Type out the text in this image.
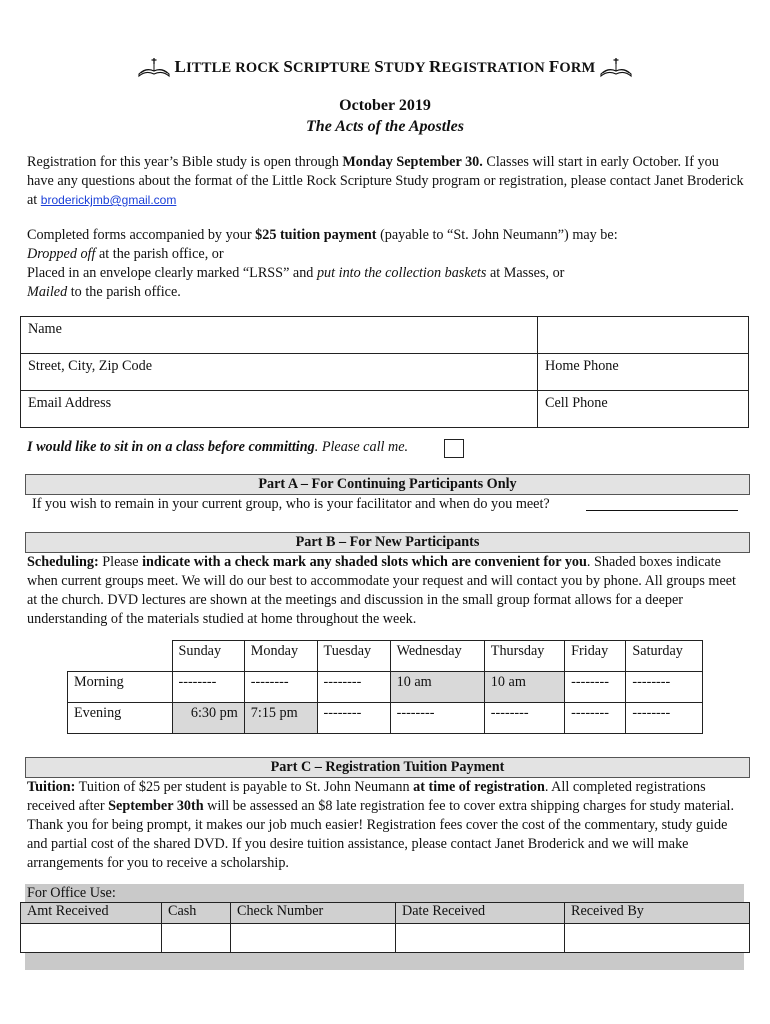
LITTLE ROCK SCRIPTURE STUDY REGISTRATION FORM
October 2019
The Acts of the Apostles
Registration for this year’s Bible study is open through Monday September 30. Classes will start in early October. If you have any questions about the format of the Little Rock Scripture Study program or registration, please contact Janet Broderick at broderickjmb@gmail.com
Completed forms accompanied by your $25 tuition payment (payable to “St. John Neumann”) may be:
Dropped off at the parish office, or
Placed in an envelope clearly marked “LRSS” and put into the collection baskets at Masses, or
Mailed to the parish office.
Name	
Street, City, Zip Code	Home Phone
Email Address	Cell Phone
I would like to sit in on a class before committing. Please call me.
Part A – For Continuing Participants Only
If you wish to remain in your current group, who is your facilitator and when do you meet?
Part B – For New Participants
Scheduling: Please indicate with a check mark any shaded slots which are convenient for you. Shaded boxes indicate when current groups meet. We will do our best to accommodate your request and will contact you by phone. All groups meet at the church. DVD lectures are shown at the meetings and discussion in the small group format allows for a deeper understanding of the materials studied at home throughout the week.
	Sunday	Monday	Tuesday	Wednesday	Thursday	Friday	Saturday
Morning	--------	--------	--------	10 am	10 am	--------	--------
Evening	6:30 pm	7:15 pm	--------	--------	--------	--------	--------
Part C – Registration Tuition Payment
Tuition: Tuition of $25 per student is payable to St. John Neumann at time of registration. All completed registrations received after September 30th will be assessed an $8 late registration fee to cover extra shipping charges for study material. Thank you for being prompt, it makes our job much easier! Registration fees cover the cost of the commentary, study guide and partial cost of the shared DVD. If you desire tuition assistance, please contact Janet Broderick and we will make arrangements for you to receive a scholarship.
For Office Use:
Amt Received	Cash	Check Number	Date Received	Received By
